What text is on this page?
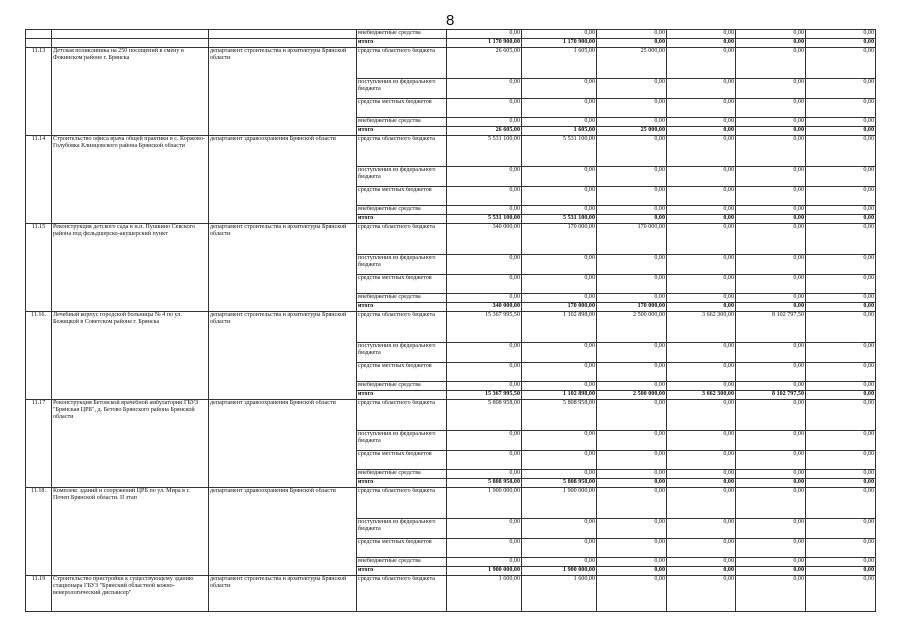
8
			внебюджетные средства	0,00	0,00	0,00	0,00	0,00	0,00
			итого	1 170 900,00	1 170 900,00	0,00	0,00	0,00	0,00
11.13	Детская поликлиника на 250 посещений в смену в Фокинском районе г. Брянска	департамент строительства и архитектуры Брянской области	средства областного бюджета	26 605,00	1 605,00	25 000,00	0,00	0,00	0,00
			поступления из федерального бюджета	0,00	0,00	0,00	0,00	0,00	0,00
			средства местных бюджетов	0,00	0,00	0,00	0,00	0,00	0,00
			внебюджетные средства	0,00	0,00	0,00	0,00	0,00	0,00
			итого	26 605,00	1 605,00	25 000,00	0,00	0,00	0,00
11.14	Строительство офиса врача общей практики в с. Коржово-Голубовка Клинцовского района Брянской области	департамент здравоохранения Брянской области	средства областного бюджета	5 531 100,00	5 531 100,00	0,00	0,00	0,00	0,00
			поступления из федерального бюджета	0,00	0,00	0,00	0,00	0,00	0,00
			средства местных бюджетов	0,00	0,00	0,00	0,00	0,00	0,00
			внебюджетные средства	0,00	0,00	0,00	0,00	0,00	0,00
			итого	5 531 100,00	5 531 100,00	0,00	0,00	0,00	0,00
11.15	Реконструкция детского сада в н.п. Пушкино Севского района под фельдшерско-акушерский пункт	департамент строительства и архитектуры Брянской области	средства областного бюджета	340 000,00	170 000,00	170 000,00	0,00	0,00	0,00
			поступления из федерального бюджета	0,00	0,00	0,00	0,00	0,00	0,00
			средства местных бюджетов	0,00	0,00	0,00	0,00	0,00	0,00
			внебюджетные средства	0,00	0,00	0,00	0,00	0,00	0,00
			итого	340 000,00	170 000,00	170 000,00	0,00	0,00	0,00
11.16.	Лечебный корпус городской больницы № 4 по ул. Бежицкой в Советском районе г. Брянска	департамент строительства и архитектуры Брянской области	средства областного бюджета	15 367 995,50	1 102 898,00	2 500 000,00	3 662 300,00	8 102 797,50	0,00
			поступления из федерального бюджета	0,00	0,00	0,00	0,00	0,00	0,00
			средства местных бюджетов	0,00	0,00	0,00	0,00	0,00	0,00
			внебюджетные средства	0,00	0,00	0,00	0,00	0,00	0,00
			итого	15 367 995,50	1 102 898,00	2 500 000,00	3 662 300,00	8 102 797,50	0,00
11.17	Реконструкция Бетовской врачебной амбулатории ГБУЗ "Брянская ЦРБ", д. Бетово Брянского района Брянской области	департамент здравоохранения Брянской области	средства областного бюджета	5 808 958,00	5 808 958,00	0,00	0,00	0,00	0,00
			поступления из федерального бюджета	0,00	0,00	0,00	0,00	0,00	0,00
			средства местных бюджетов	0,00	0,00	0,00	0,00	0,00	0,00
			внебюджетные средства	0,00	0,00	0,00	0,00	0,00	0,00
			итого	5 808 958,00	5 808 958,00	0,00	0,00	0,00	0,00
11.18.	Комплекс зданий и сооружений ЦРБ по ул. Мира в г. Почеп Брянской области. II этап	департамент здравоохранения Брянской области	средства областного бюджета	1 900 000,00	1 900 000,00	0,00	0,00	0,00	0,00
			поступления из федерального бюджета	0,00	0,00	0,00	0,00	0,00	0,00
			средства местных бюджетов	0,00	0,00	0,00	0,00	0,00	0,00
			внебюджетные средства	0,00	0,00	0,00	0,00	0,00	0,00
			итого	1 900 000,00	1 900 000,00	0,00	0,00	0,00	0,00
11.19	Строительство пристройки к существующему зданию стационара ГБУЗ "Брянский областной кожно-венерологический диспансер"	департамент строительства и архитектуры Брянской области	средства областного бюджета	1 600,00	1 600,00	0,00	0,00	0,00	0,00
